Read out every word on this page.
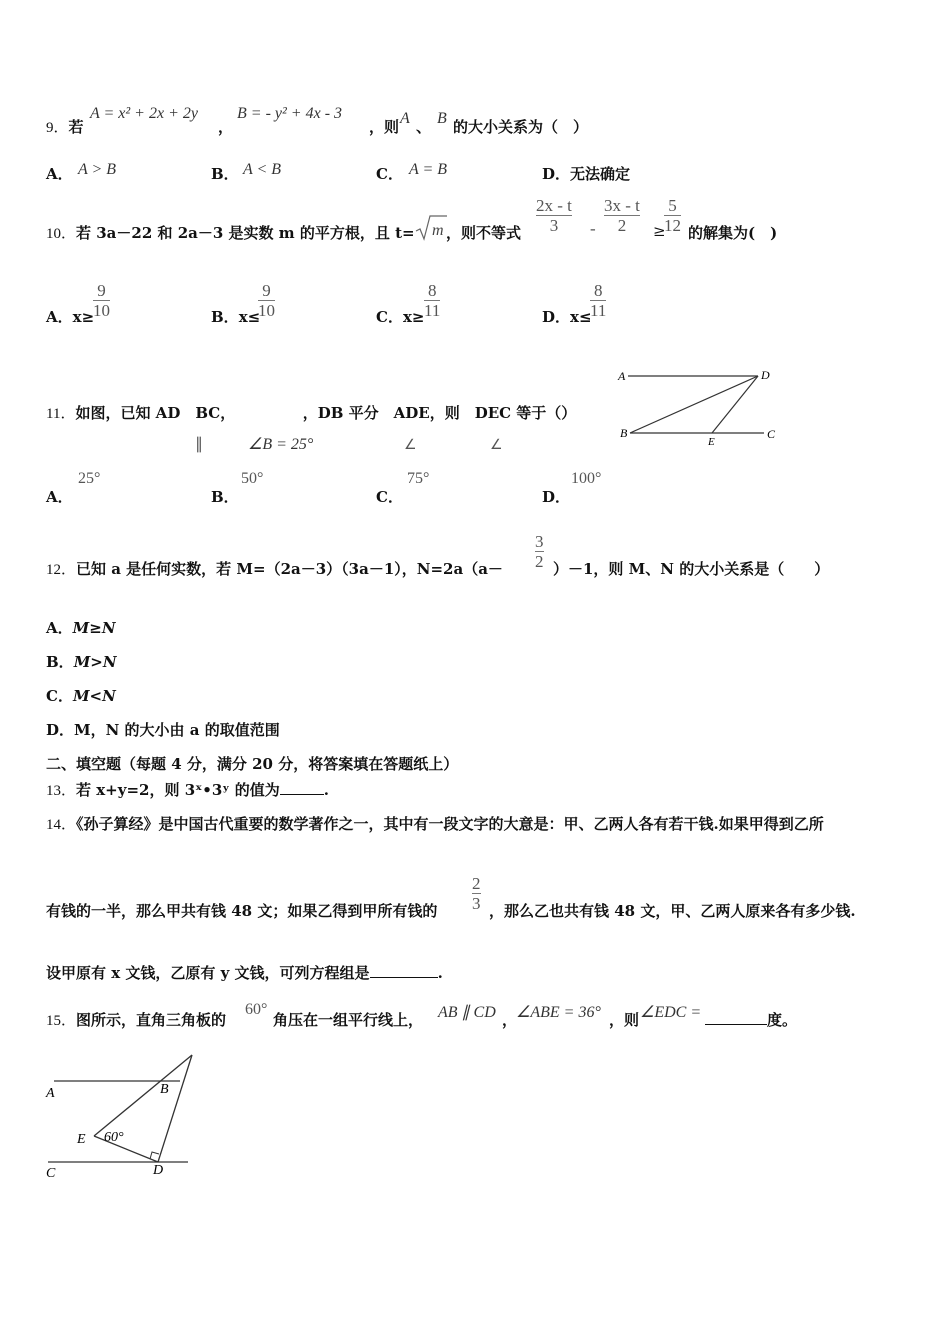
9．若
A = x² + 2x + 2y
，
B = - y² + 4x - 3
，则 A 、 B 的大小关系为（　）
A． A > B	B． A < B	C． A = B	D．无法确定
10．若 3a－22 和 2a－3 是实数 m 的平方根，且 t= m ，则不等式
2x - t
3 -
3x - t
2 ≥
5
12 的解集为(　)
A．x≥
9
10	B．x≤
9
10	C．x≥
8
11	D．x≤
8
11
11．如图，已知 AD　BC，　　　　　，DB 平分　ADE，则　DEC 等于（）
∥	∠B = 25°	∠	∠
A	D
B
E
C
A．
25°
B．
50°
C．
75°
D．
100°
12．已知 a 是任何实数，若 M=（2a－3）（3a－1），N=2a（a－
3
2 ）－1，则 M、N 的大小关系是（　　）
A．M≥N
B．M>N
C．M<N
D．M，N 的大小由 a 的取值范围
二、填空题（每题 4 分，满分 20 分，将答案填在答题纸上）
13．若 x+y=2，则 3ˣ•3ʸ 的值为	.
14．《孙子算经》是中国古代重要的数学著作之一，其中有一段文字的大意是：甲、乙两人各有若干钱.如果甲得到乙所
有钱的一半，那么甲共有钱 48 文；如果乙得到甲所有钱的
2
3 ，那么乙也共有钱 48 文，甲、乙两人原来各有多少钱.
设甲原有 x 文钱，乙原有 y 文钱，可列方程组是	.
15．图所示，直角三角板的
60°
角压在一组平行线上， AB ∥ CD ，
∠ABE = 36° ，则 ∠EDC =	度。
A	B
E 60°
C	D
